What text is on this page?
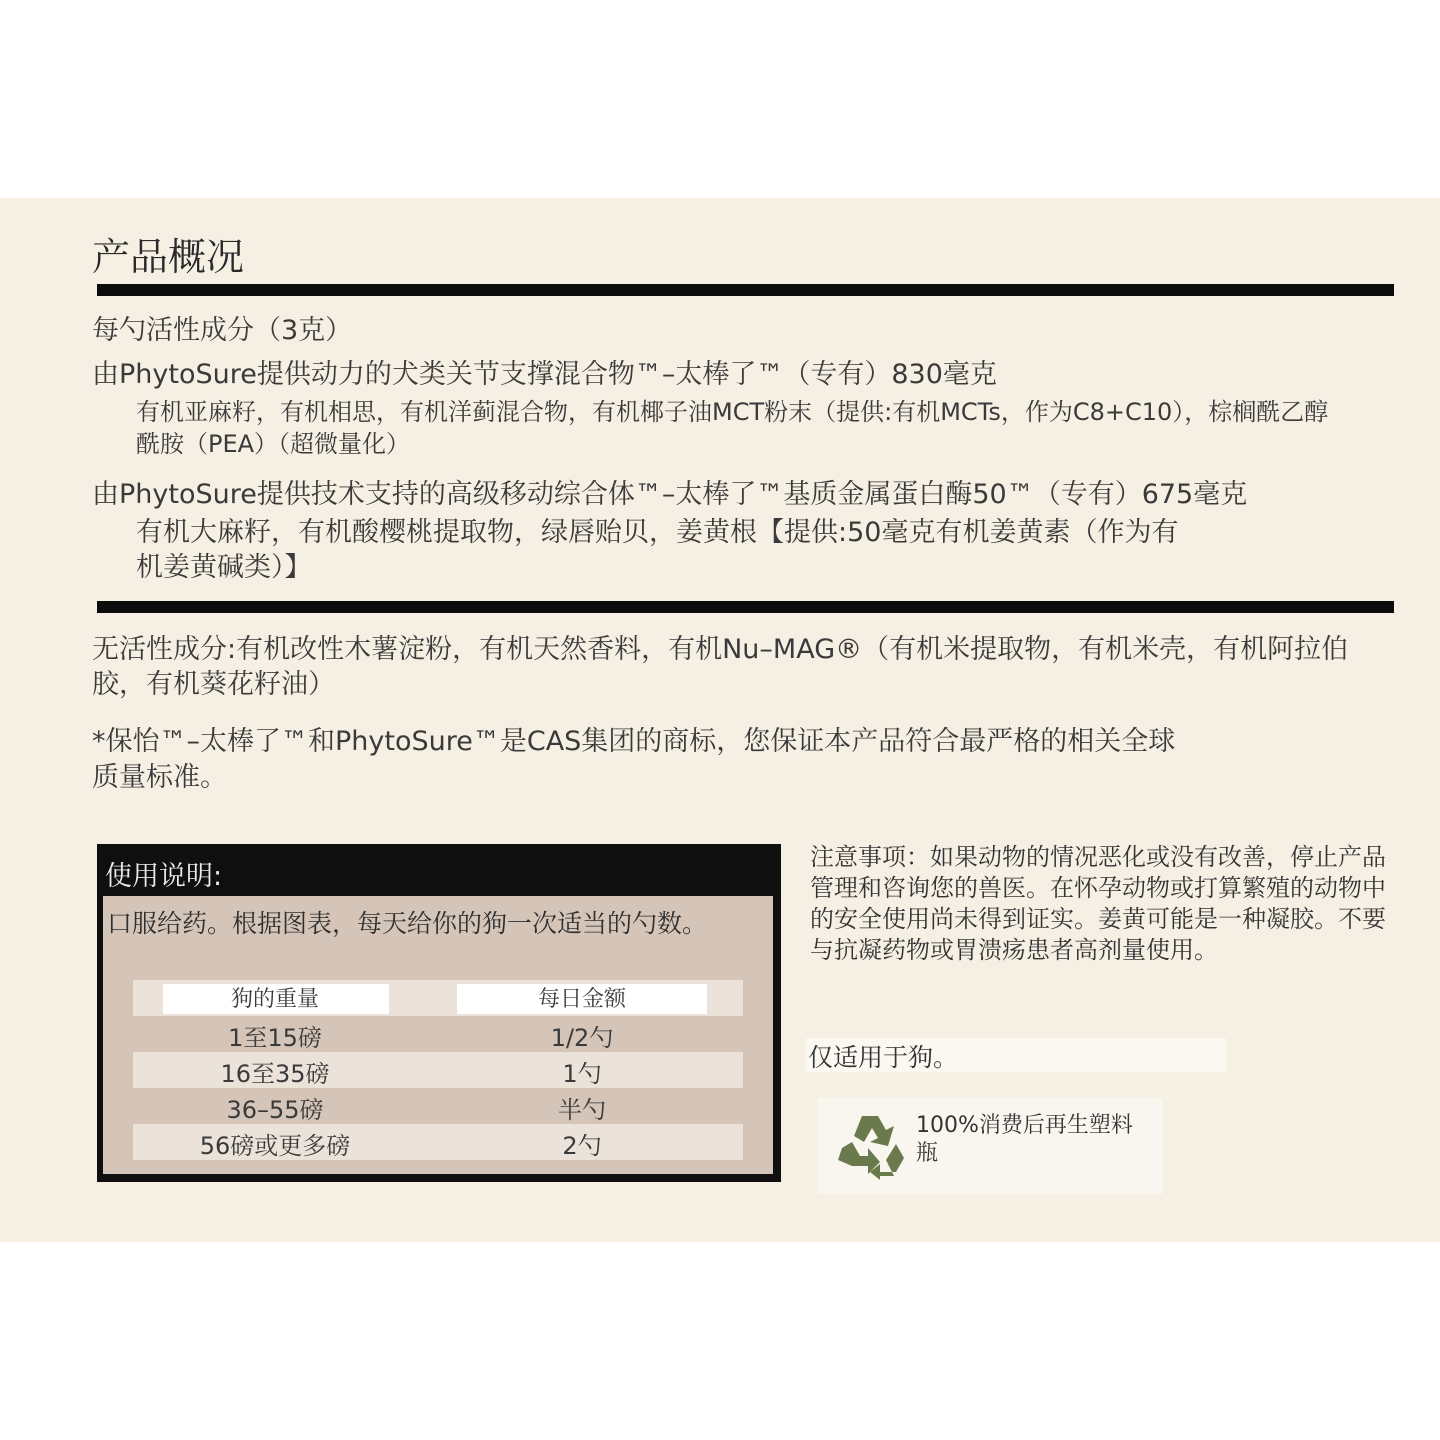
产品概况

每勺活性成分（3克）

由PhytoSure提供动力的犬类关节支撑混合物™–太棒了™（专有）830毫克

有机亚麻籽，有机相思，有机洋蓟混合物，有机椰子油MCT粉末（提供:有机MCTs，作为C8+C10），棕榈酰乙醇酰胺（PEA）（超微量化）

由PhytoSure提供技术支持的高级移动综合体™–太棒了™基质金属蛋白酶50™（专有）675毫克

有机大麻籽，有机酸樱桃提取物，绿唇贻贝，姜黄根【提供:50毫克有机姜黄素（作为有机姜黄碱类）】

无活性成分:有机改性木薯淀粉，有机天然香料，有机Nu–MAG®（有机米提取物，有机米壳，有机阿拉伯胶，有机葵花籽油）

*保怡™–太棒了™和PhytoSure™是CAS集团的商标，您保证本产品符合最严格的相关全球质量标准。

使用说明:
口服给药。根据图表，每天给你的狗一次适当的勺数。
狗的重量	每日金额
1至15磅	1/2勺
16至35磅	1勺
36–55磅	半勺
56磅或更多磅	2勺

注意事项：如果动物的情况恶化或没有改善，停止产品管理和咨询您的兽医。在怀孕动物或打算繁殖的动物中的安全使用尚未得到证实。姜黄可能是一种凝胶。不要与抗凝药物或胃溃疡患者高剂量使用。

仅适用于狗。

100%消费后再生塑料瓶
